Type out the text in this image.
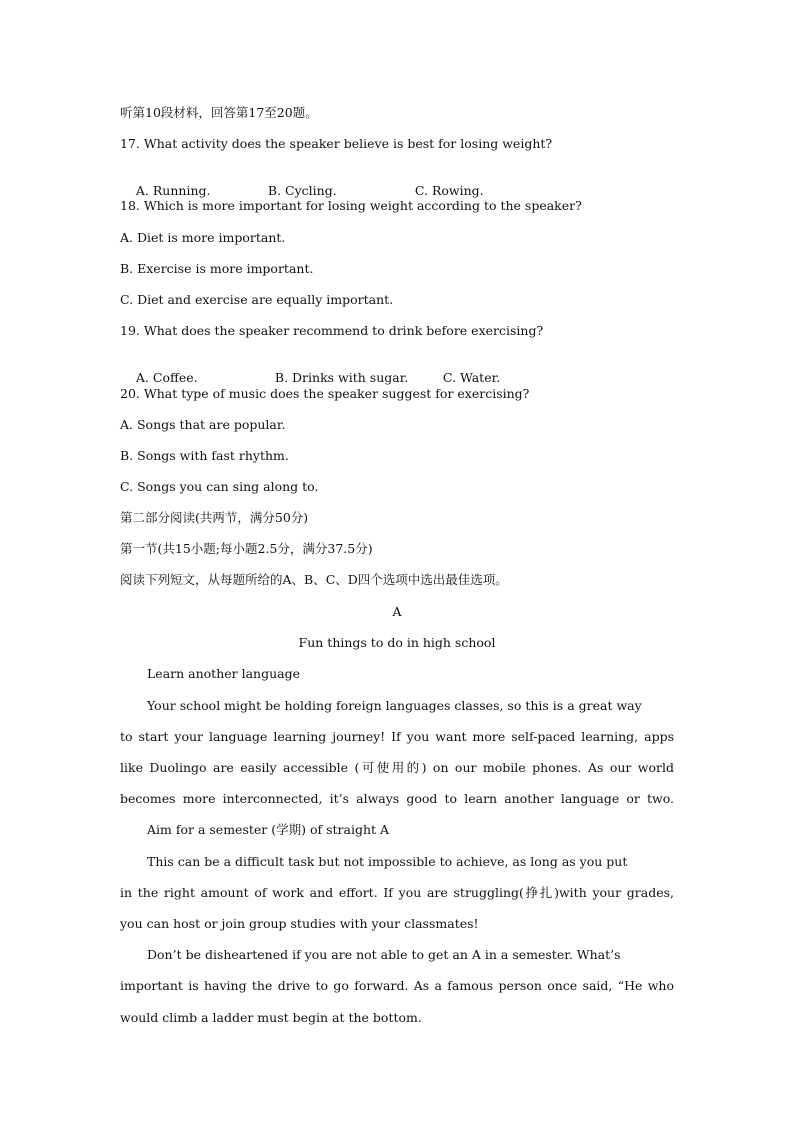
听第10段材料，回答第17至20题。
17. What activity does the speaker believe is best for losing weight?

A. Running.	B. Cycling.	C. Rowing.

18. Which is more important for losing weight according to the speaker?
A. Diet is more important.
B. Exercise is more important.
C. Diet and exercise are equally important.
19. What does the speaker recommend to drink before exercising?

A. Coffee.	B. Drinks with sugar.	C. Water.

20. What type of music does the speaker suggest for exercising?
A. Songs that are popular.
B. Songs with fast rhythm.
C. Songs you can sing along to.
第二部分阅读(共两节，满分50分)
第一节(共15小题;每小题2.5分，满分37.5分)
阅读下列短文，从每题所给的A、B、C、D四个选项中选出最佳选项。
A
Fun things to do in high school
Learn another language
Your school might be holding foreign languages classes, so this is a great way
to start your language learning journey! If you want more self-paced learning, apps
like Duolingo are easily accessible (可使用的) on our mobile phones. As our world
becomes more interconnected, it’s always good to learn another language or two.
Aim for a semester (学期) of straight A
This can be a difficult task but not impossible to achieve, as long as you put
in the right amount of work and effort. If you are struggling(挣扎)with your grades,
you can host or join group studies with your classmates!
Don’t be disheartened if you are not able to get an A in a semester. What’s
important is having the drive to go forward. As a famous person once said, “He who
would climb a ladder must begin at the bottom.
